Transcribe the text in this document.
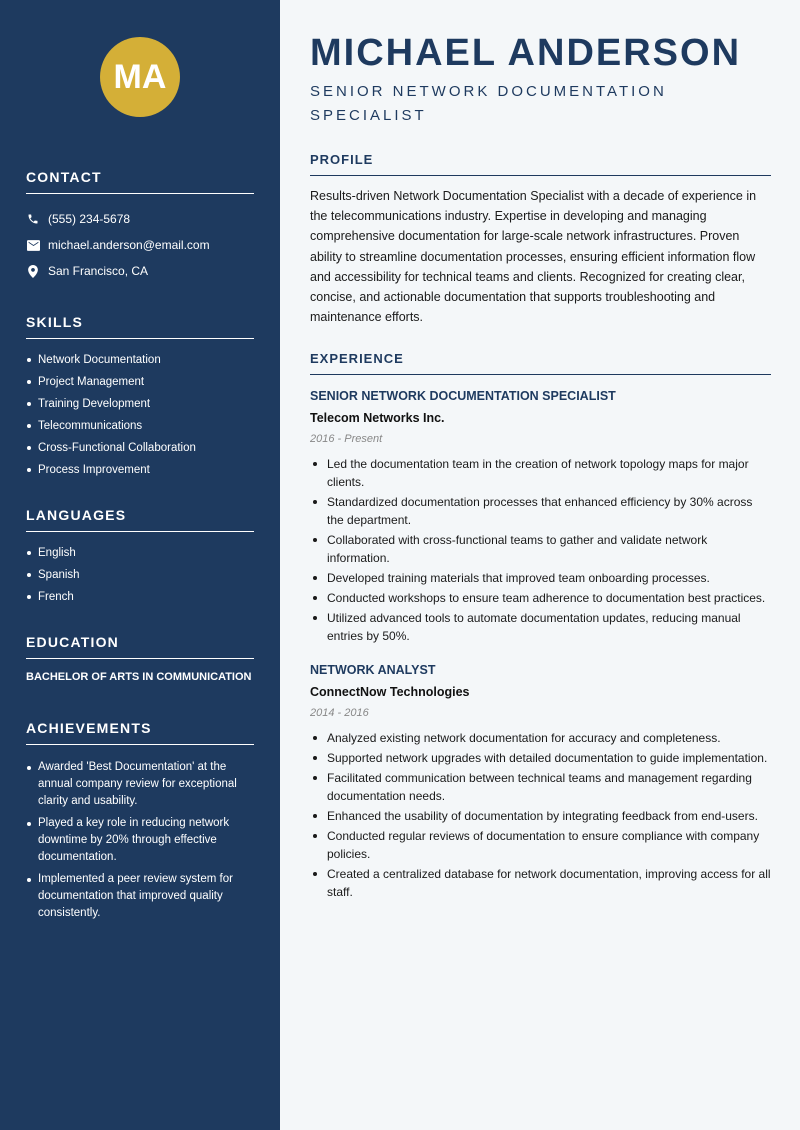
MA
CONTACT
(555) 234-5678
michael.anderson@email.com
San Francisco, CA
SKILLS
Network Documentation
Project Management
Training Development
Telecommunications
Cross-Functional Collaboration
Process Improvement
LANGUAGES
English
Spanish
French
EDUCATION
BACHELOR OF ARTS IN COMMUNICATION
ACHIEVEMENTS
Awarded 'Best Documentation' at the annual company review for exceptional clarity and usability.
Played a key role in reducing network downtime by 20% through effective documentation.
Implemented a peer review system for documentation that improved quality consistently.
MICHAEL ANDERSON
SENIOR NETWORK DOCUMENTATION SPECIALIST
PROFILE

Results-driven Network Documentation Specialist with a decade of experience in the telecommunications industry. Expertise in developing and managing comprehensive documentation for large-scale network infrastructures. Proven ability to streamline documentation processes, ensuring efficient information flow and accessibility for technical teams and clients. Recognized for creating clear, concise, and actionable documentation that supports troubleshooting and maintenance efforts.

EXPERIENCE
SENIOR NETWORK DOCUMENTATION SPECIALIST
Telecom Networks Inc.
2016 - Present
Led the documentation team in the creation of network topology maps for major clients.
Standardized documentation processes that enhanced efficiency by 30% across the department.
Collaborated with cross-functional teams to gather and validate network information.
Developed training materials that improved team onboarding processes.
Conducted workshops to ensure team adherence to documentation best practices.
Utilized advanced tools to automate documentation updates, reducing manual entries by 50%.
NETWORK ANALYST
ConnectNow Technologies
2014 - 2016
Analyzed existing network documentation for accuracy and completeness.
Supported network upgrades with detailed documentation to guide implementation.
Facilitated communication between technical teams and management regarding documentation needs.
Enhanced the usability of documentation by integrating feedback from end-users.
Conducted regular reviews of documentation to ensure compliance with company policies.
Created a centralized database for network documentation, improving access for all staff.
